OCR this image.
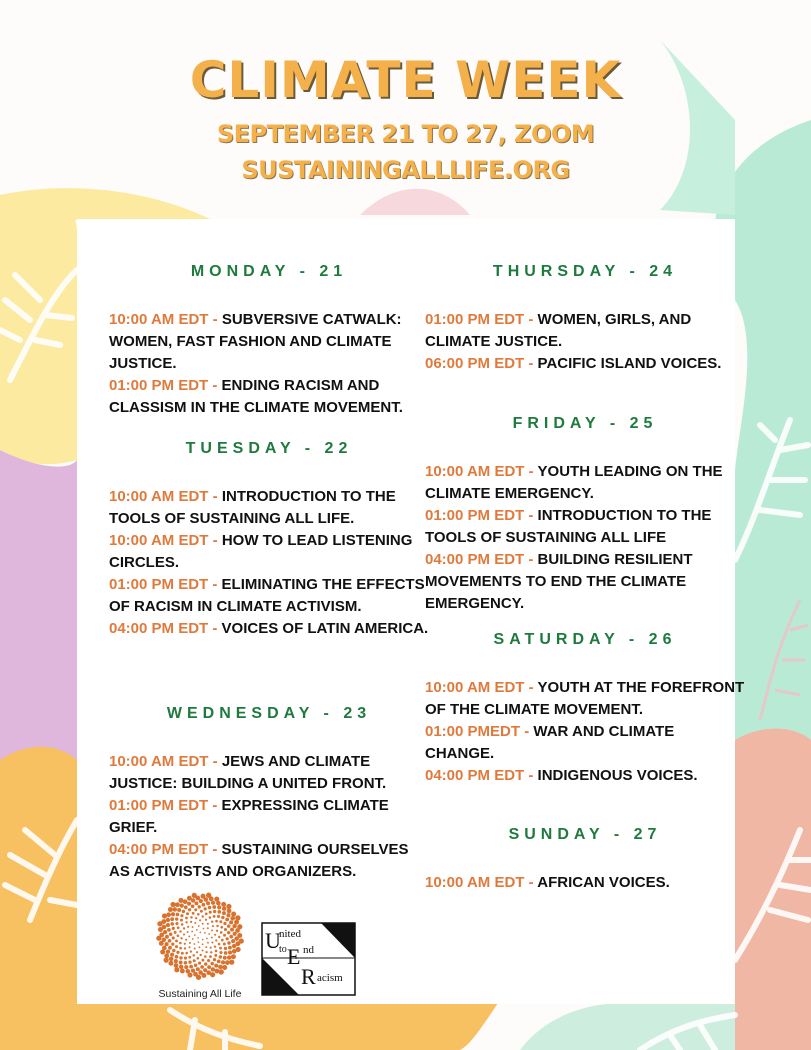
CLIMATE WEEK
SEPTEMBER 21 TO 27, ZOOM
SUSTAININGALLLIFE.ORG
MONDAY - 21
10:00 AM EDT - SUBVERSIVE CATWALK: WOMEN, FAST FASHION AND CLIMATE JUSTICE.
01:00 PM EDT - ENDING RACISM AND CLASSISM IN THE CLIMATE MOVEMENT.
TUESDAY - 22
10:00 AM EDT - INTRODUCTION TO THE TOOLS OF SUSTAINING ALL LIFE.
10:00 AM EDT - HOW TO LEAD LISTENING CIRCLES.
01:00 PM EDT - ELIMINATING THE EFFECTS OF RACISM IN CLIMATE ACTIVISM.
04:00 PM EDT - VOICES OF LATIN AMERICA.
WEDNESDAY - 23
10:00 AM EDT - JEWS AND CLIMATE JUSTICE: BUILDING A UNITED FRONT.
01:00 PM EDT - EXPRESSING CLIMATE GRIEF.
04:00 PM EDT - SUSTAINING OURSELVES AS ACTIVISTS AND ORGANIZERS.
THURSDAY - 24
01:00 PM EDT - WOMEN, GIRLS, AND CLIMATE JUSTICE.
06:00 PM EDT - PACIFIC ISLAND VOICES.
FRIDAY - 25
10:00 AM EDT - YOUTH LEADING ON THE CLIMATE EMERGENCY.
01:00 PM EDT - INTRODUCTION TO THE TOOLS OF SUSTAINING ALL LIFE
04:00 PM EDT - BUILDING RESILIENT MOVEMENTS TO END THE CLIMATE EMERGENCY.
SATURDAY - 26
10:00 AM EDT - YOUTH AT THE FOREFRONT OF THE CLIMATE MOVEMENT.
01:00 PMEDT - WAR AND CLIMATE CHANGE.
04:00 PM EDT - INDIGENOUS VOICES.
SUNDAY - 27
10:00 AM EDT - AFRICAN VOICES.
Sustaining All Life
U
nited
to E nd
R acism
